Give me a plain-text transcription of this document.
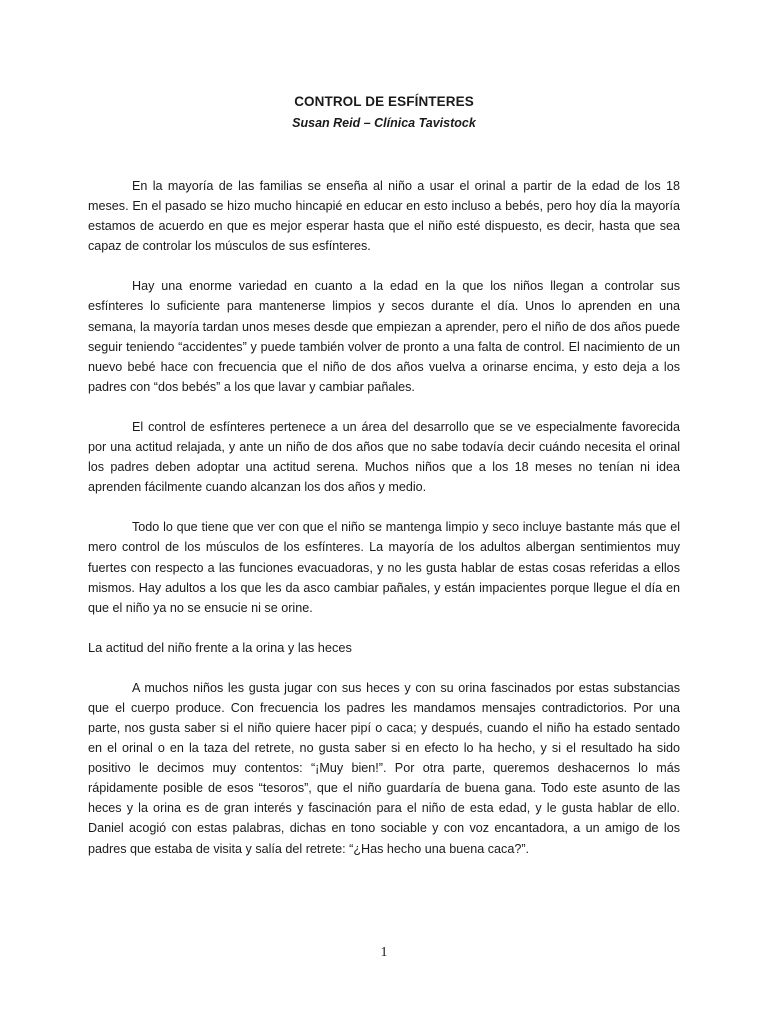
CONTROL DE ESFÍNTERES

Susan Reid – Clínica Tavistock

En la mayoría de las familias se enseña al niño a usar el orinal a partir de la edad de los 18 meses. En el pasado se hizo mucho hincapié en educar en esto incluso a bebés, pero hoy día la mayoría estamos de acuerdo en que es mejor esperar hasta que el niño esté dispuesto, es decir, hasta que sea capaz de controlar los músculos de sus esfínteres.

Hay una enorme variedad en cuanto a la edad en la que los niños llegan a controlar sus esfínteres lo suficiente para mantenerse limpios y secos durante el día. Unos lo aprenden en una semana, la mayoría tardan unos meses desde que empiezan a aprender, pero el niño de dos años puede seguir teniendo “accidentes” y puede también volver de pronto a una falta de control. El nacimiento de un nuevo bebé hace con frecuencia que el niño de dos años vuelva a orinarse encima, y esto deja a los padres con “dos bebés” a los que lavar y cambiar pañales.

El control de esfínteres pertenece a un área del desarrollo que se ve especialmente favorecida por una actitud relajada, y ante un niño de dos años que no sabe todavía decir cuándo necesita el orinal los padres deben adoptar una actitud serena. Muchos niños que a los 18 meses no tenían ni idea aprenden fácilmente cuando alcanzan los dos años y medio.

Todo lo que tiene que ver con que el niño se mantenga limpio y seco incluye bastante más que el mero control de los músculos de los esfínteres. La mayoría de los adultos albergan sentimientos muy fuertes con respecto a las funciones evacuadoras, y no les gusta hablar de estas cosas referidas a ellos mismos. Hay adultos a los que les da asco cambiar pañales, y están impacientes porque llegue el día en que el niño ya no se ensucie ni se orine.

La actitud del niño frente a la orina y las heces

A muchos niños les gusta jugar con sus heces y con su orina fascinados por estas substancias que el cuerpo produce. Con frecuencia los padres les mandamos mensajes contradictorios. Por una parte, nos gusta saber si el niño quiere hacer pipí o caca; y después, cuando el niño ha estado sentado en el orinal o en la taza del retrete, no gusta saber si en efecto lo ha hecho, y si el resultado ha sido positivo le decimos muy contentos: “¡Muy bien!”. Por otra parte, queremos deshacernos lo más rápidamente posible de esos “tesoros”, que el niño guardaría de buena gana. Todo este asunto de las heces y la orina es de gran interés y fascinación para el niño de esta edad, y le gusta hablar de ello. Daniel acogió con estas palabras, dichas en tono sociable y con voz encantadora, a un amigo de los padres que estaba de visita y salía del retrete: “¿Has hecho una buena caca?”.

1
